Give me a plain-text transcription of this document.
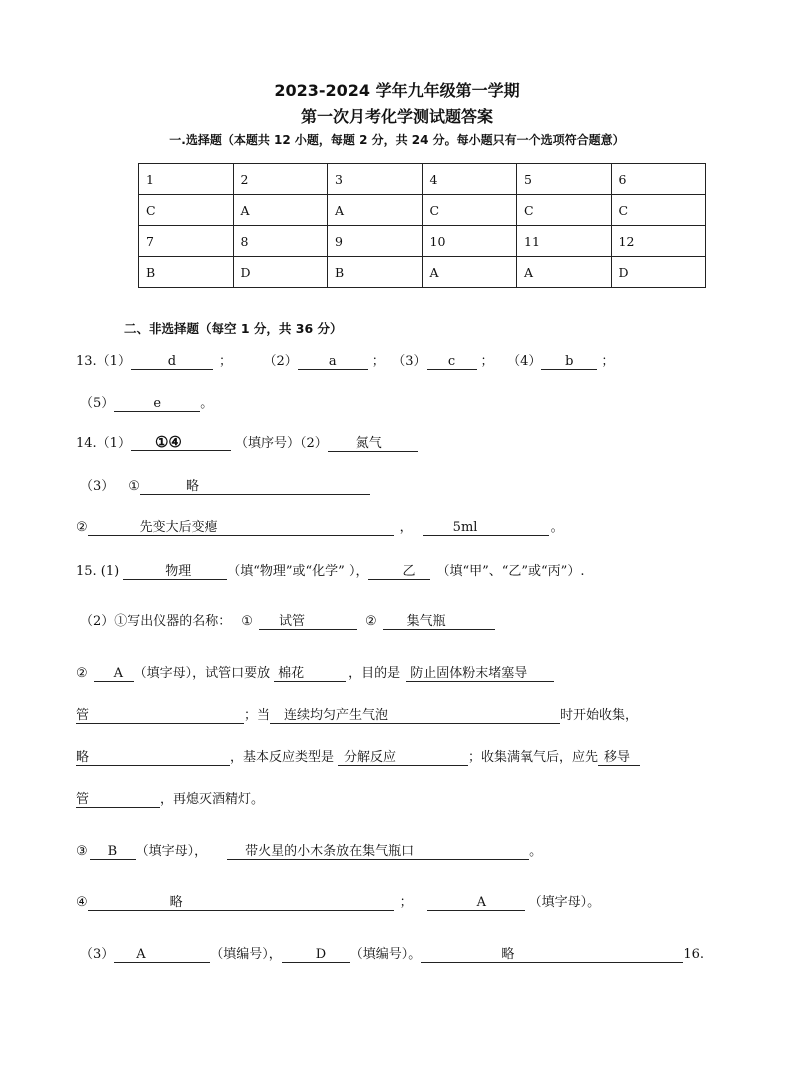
2023-2024 学年九年级第一学期
第一次月考化学测试题答案
一.选择题（本题共 12 小题，每题 2 分，共 24 分。每小题只有一个选项符合题意）
1	2	3	4	5	6
C	A	A	C	C	C
7	8	9	10	11	12
B	D	B	A	A	D
二、非选择题（每空 1 分，共 36 分）
13.（1）	d	；	（2） a	； （3） c ； （4） b ；
（5）	e	。
14.（1） ①④	（填序号）（2） 氮气
（3） ①	略
②	先变大后变瘪	，	5ml	。
15. (1)	物理	（填“物理”或“化学” ），	乙 （填“甲”、“乙”或“丙”）.
（2）①写出仪器的名称： ① 试管	② 集气瓶
② A （填字母），试管口要放 棉花	，目的是 防止固体粉末堵塞导
管	；当 连续均匀产生气泡	时开始收集，
略	，基本反应类型是 分解反应	；收集满氧气后，应先 移导
管	，再熄灭酒精灯。
③ B （填字母），	带火星的小木条放在集气瓶口	。
④	略	；	A	（填字母）。
（3） A	（填编号），	D （填编号）。	略	16.
